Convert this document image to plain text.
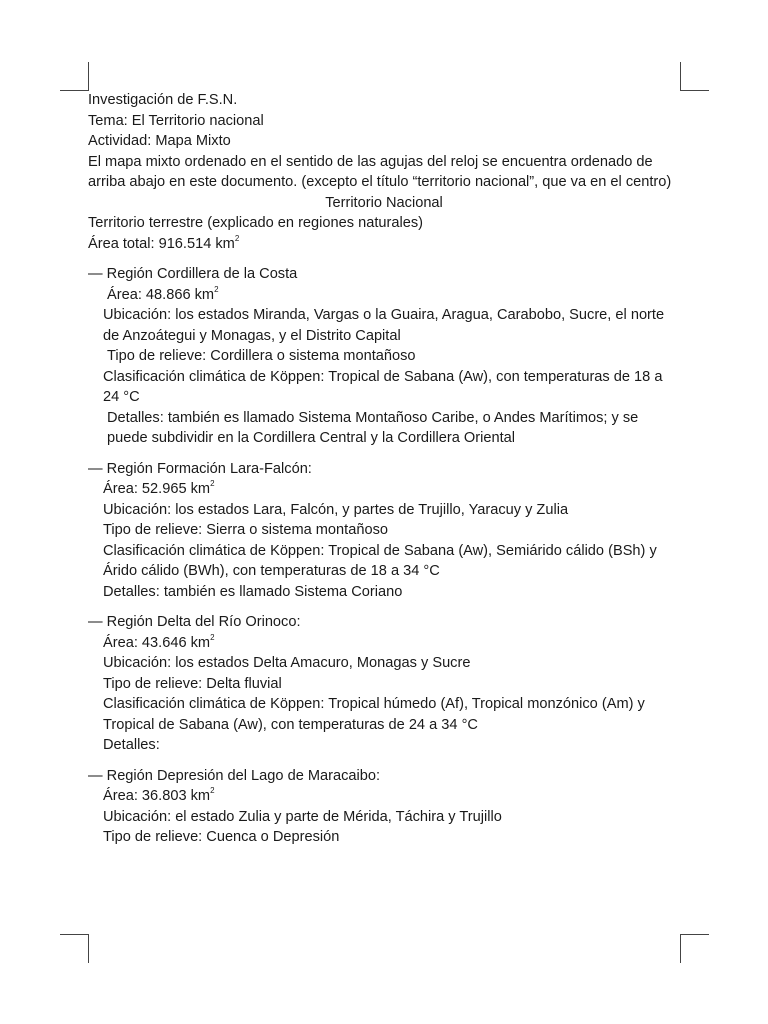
Investigación de F.S.N.

Tema: El Territorio nacional

Actividad: Mapa Mixto

El mapa mixto ordenado en el sentido de las agujas del reloj se encuentra ordenado de arriba abajo en este documento. (excepto el título “territorio nacional”, que va en el centro)

Territorio Nacional

Territorio terrestre (explicado en regiones naturales)

Área total: 916.514 $km^2$

— Región Cordillera de la Costa

Área: 48.866 $km^2$

Ubicación: los estados Miranda, Vargas o la Guaira, Aragua, Carabobo, Sucre, el norte de Anzoátegui y Monagas, y el Distrito Capital

Tipo de relieve: Cordillera o sistema montañoso

Clasificación climática de Köppen: Tropical de Sabana (Aw), con temperaturas de 18 a 24 °C

Detalles: también es llamado Sistema Montañoso Caribe, o Andes Marítimos; y se puede subdividir en la Cordillera Central y la Cordillera Oriental

— Región Formación Lara-Falcón:

Área: 52.965 $km^2$

Ubicación: los estados Lara, Falcón, y partes de Trujillo, Yaracuy y Zulia

Tipo de relieve: Sierra o sistema montañoso

Clasificación climática de Köppen: Tropical de Sabana (Aw), Semiárido cálido (BSh) y Árido cálido (BWh), con temperaturas de 18 a 34 °C

Detalles: también es llamado Sistema Coriano

— Región Delta del Río Orinoco:

Área: 43.646 $km^2$

Ubicación: los estados Delta Amacuro, Monagas y Sucre

Tipo de relieve: Delta fluvial

Clasificación climática de Köppen: Tropical húmedo (Af), Tropical monzónico (Am) y Tropical de Sabana (Aw), con temperaturas de 24 a 34 °C

Detalles:

— Región Depresión del Lago de Maracaibo:

Área: 36.803 $km^2$

Ubicación: el estado Zulia y parte de Mérida, Táchira y Trujillo

Tipo de relieve: Cuenca o Depresión
